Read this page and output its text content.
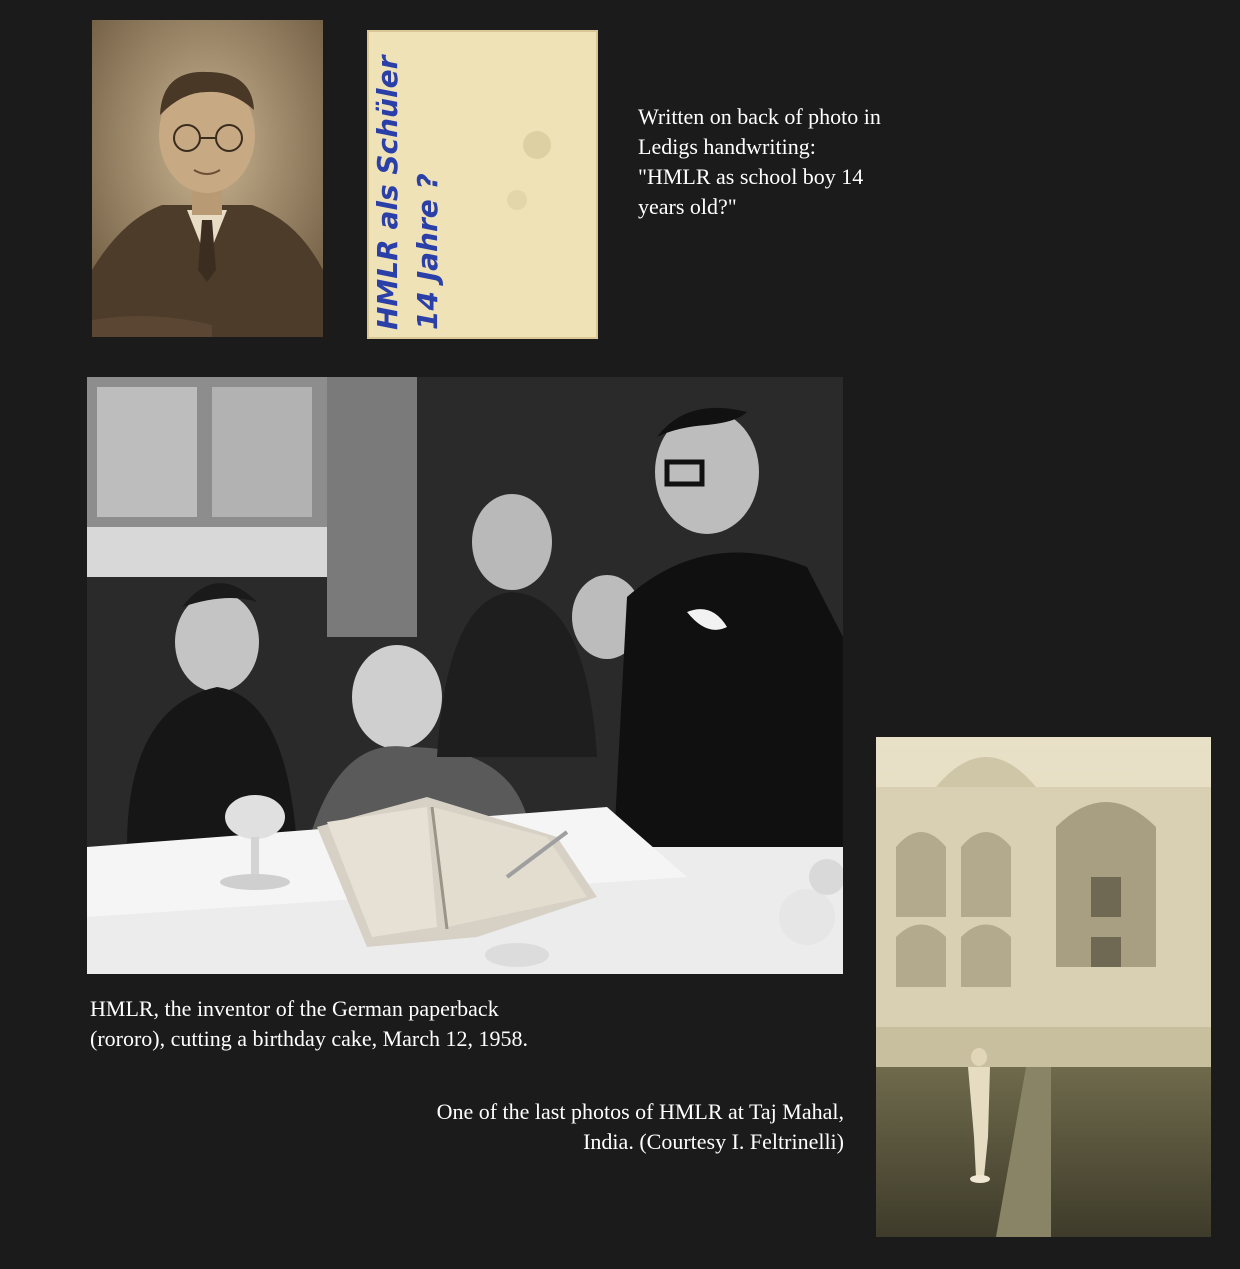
HMLR als Schüler 14 Jahre ?
Written on back of photo in
Ledigs handwriting:
"HMLR as school boy 14
years old?"
HMLR, the inventor of the German paperback
(rororo), cutting a birthday cake, March 12, 1958.
One of the last photos of HMLR at Taj Mahal,
India. (Courtesy I. Feltrinelli)
